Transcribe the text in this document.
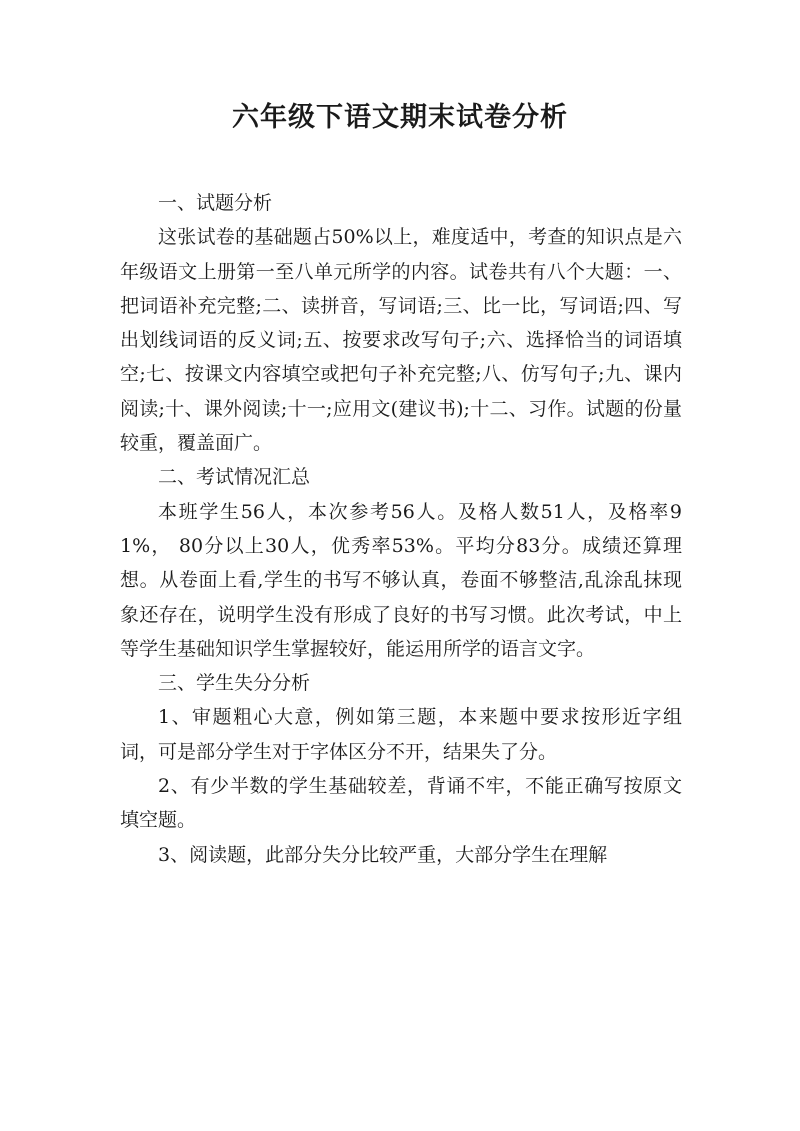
六年级下语文期末试卷分析

一、试题分析

这张试卷的基础题占50%以上，难度适中，考查的知识点是六年级语文上册第一至八单元所学的内容。试卷共有八个大题：一、把词语补充完整;二、读拼音，写词语;三、比一比，写词语;四、写出划线词语的反义词;五、按要求改写句子;六、选择恰当的词语填空;七、按课文内容填空或把句子补充完整;八、仿写句子;九、课内阅读;十、课外阅读;十一;应用文(建议书);十二、习作。试题的份量较重，覆盖面广。

二、考试情况汇总

本班学生56人，本次参考56人。及格人数51人，及格率91%， 80分以上30人，优秀率53%。平均分83分。成绩还算理想。从卷面上看,学生的书写不够认真，卷面不够整洁,乱涂乱抹现象还存在，说明学生没有形成了良好的书写习惯。此次考试，中上等学生基础知识学生掌握较好，能运用所学的语言文字。

三、学生失分分析

1、审题粗心大意，例如第三题，本来题中要求按形近字组词，可是部分学生对于字体区分不开，结果失了分。

2、有少半数的学生基础较差，背诵不牢，不能正确写按原文填空题。

3、阅读题，此部分失分比较严重，大部分学生在理解
